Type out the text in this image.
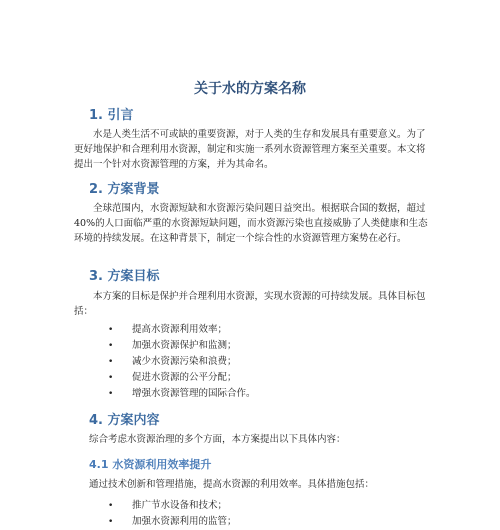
关于水的方案名称
1. 引言

水是人类生活不可或缺的重要资源，对于人类的生存和发展具有重要意义。为了更好地保护和合理利用水资源，制定和实施一系列水资源管理方案至关重要。本文将提出一个针对水资源管理的方案，并为其命名。

2. 方案背景

全球范围内，水资源短缺和水资源污染问题日益突出。根据联合国的数据，超过40%的人口面临严重的水资源短缺问题，而水资源污染也直接威胁了人类健康和生态环境的持续发展。在这种背景下，制定一个综合性的水资源管理方案势在必行。

3. 方案目标

本方案的目标是保护并合理利用水资源，实现水资源的可持续发展。具体目标包括：

• 提高水资源利用效率；
• 加强水资源保护和监测；
• 减少水资源污染和浪费；
• 促进水资源的公平分配；
• 增强水资源管理的国际合作。
4. 方案内容

综合考虑水资源治理的多个方面，本方案提出以下具体内容：

4.1 水资源利用效率提升

通过技术创新和管理措施，提高水资源的利用效率。具体措施包括：

• 推广节水设备和技术；
• 加强水资源利用的监管；
